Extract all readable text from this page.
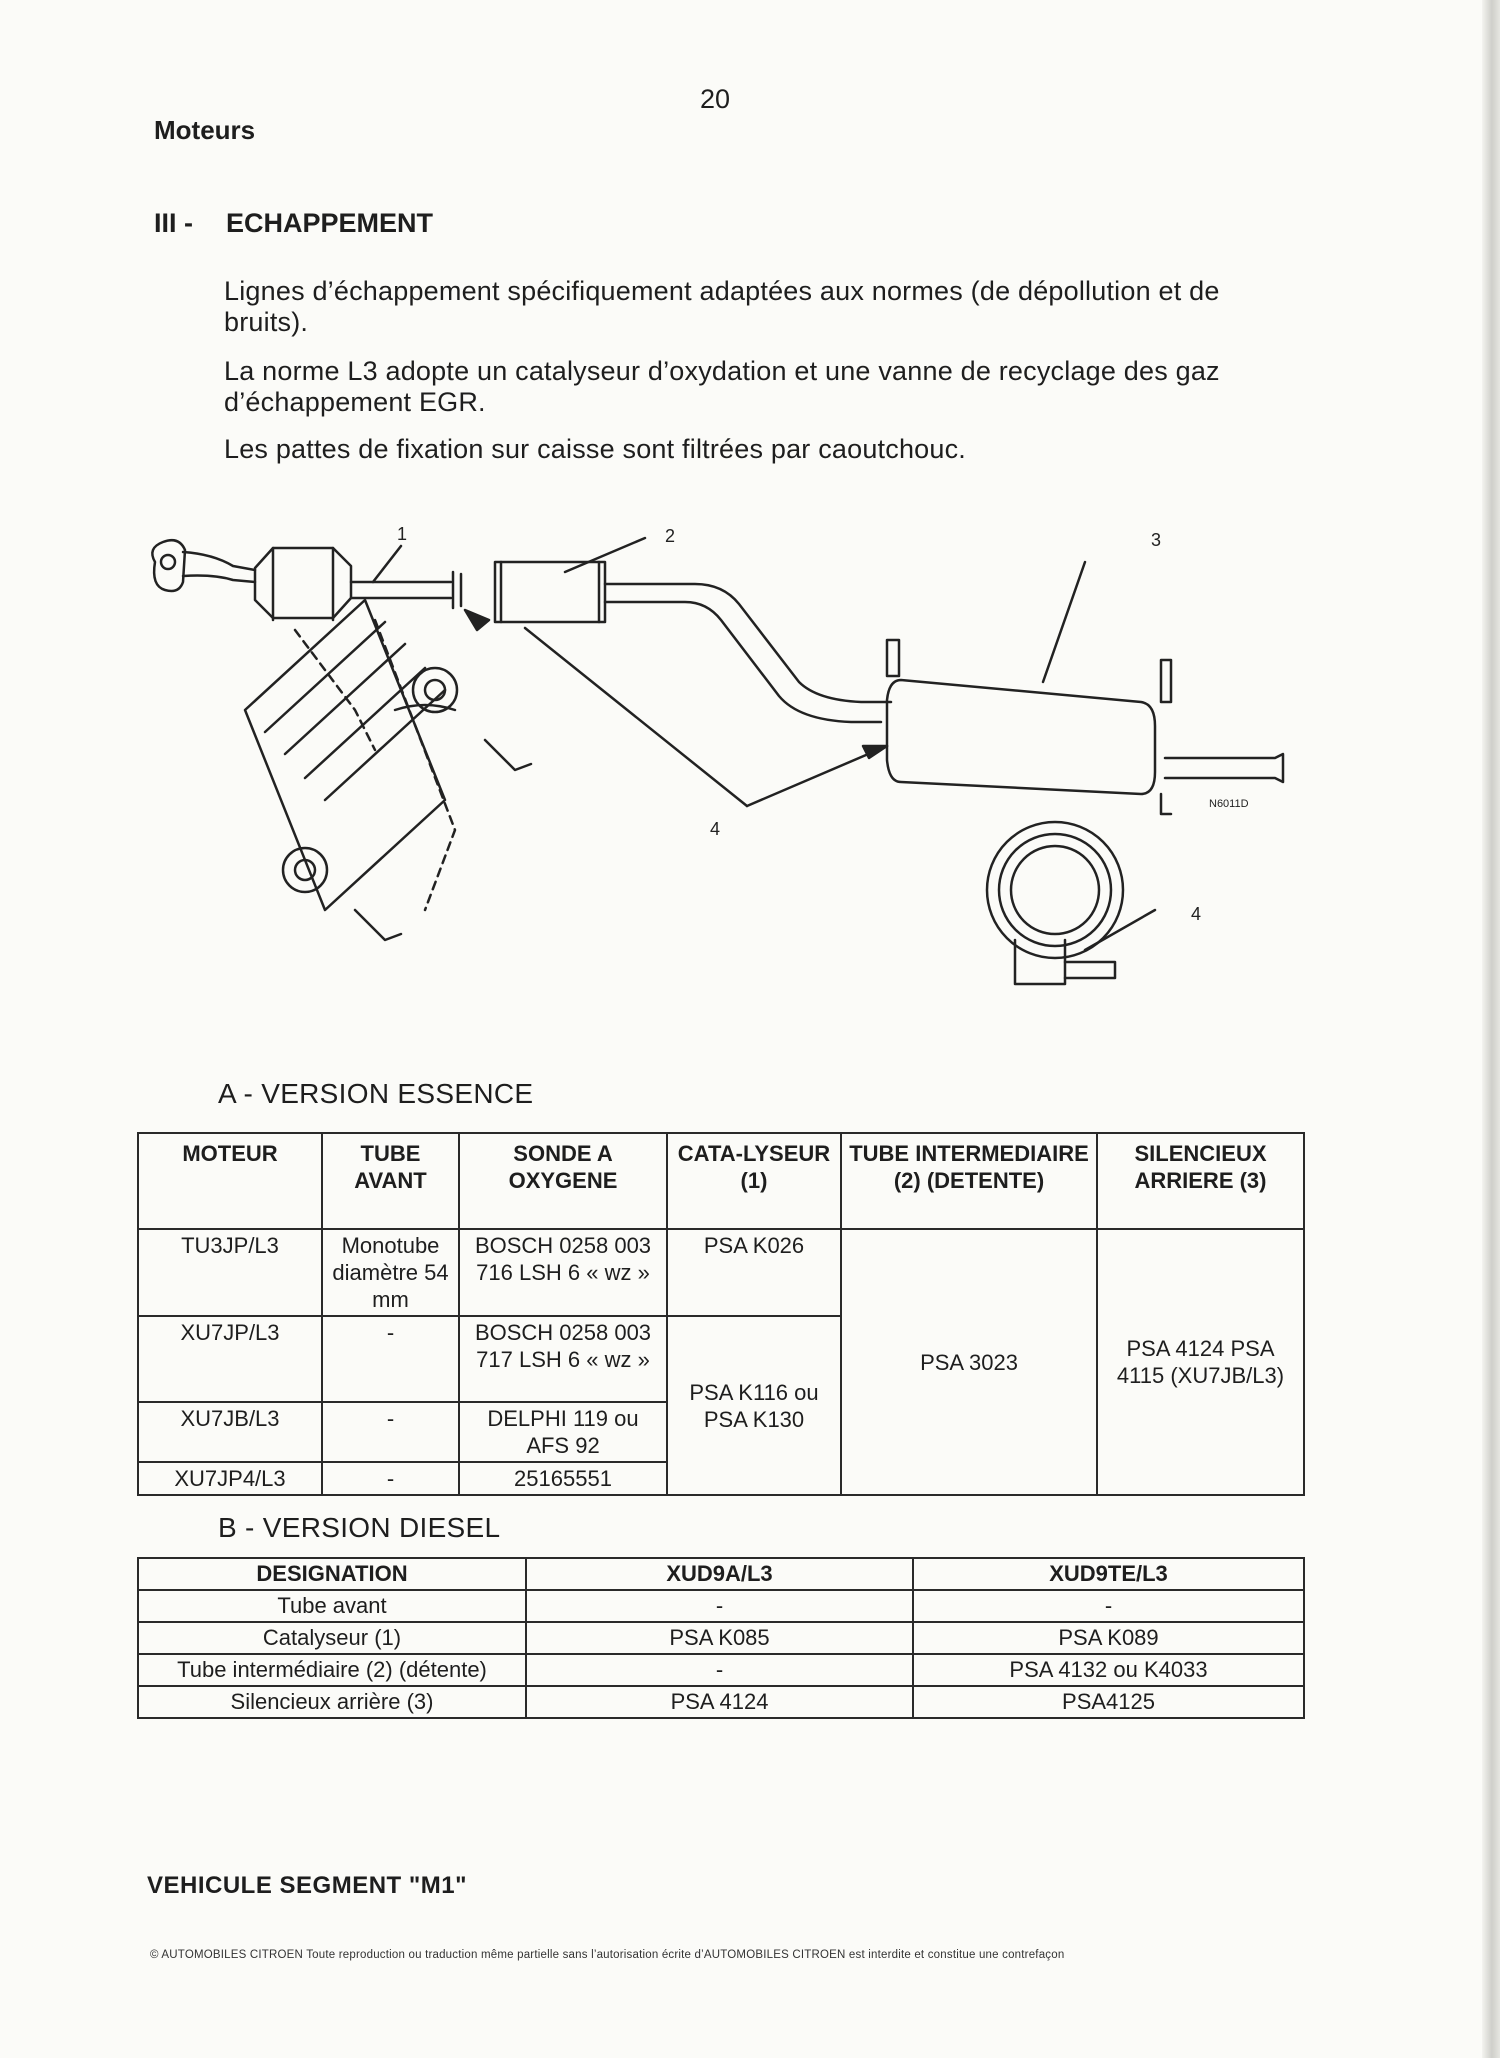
20
Moteurs
III - ECHAPPEMENT
Lignes d’échappement spécifiquement adaptées aux normes (de dépollution et de bruits).
La norme L3 adopte un catalyseur d’oxydation et une vanne de recyclage des gaz d’échappement EGR.
Les pattes de fixation sur caisse sont filtrées par caoutchouc.
1	2	3
4
4
N6011D
A - VERSION ESSENCE
MOTEUR	TUBE AVANT	SONDE A OXYGENE	CATA-LYSEUR (1)	TUBE INTERMEDIAIRE (2) (DETENTE)	SILENCIEUX ARRIERE (3)
TU3JP/L3	Monotube diamètre 54 mm	BOSCH 0258 003 716 LSH 6 « wz »	PSA K026	PSA 3023	PSA 4124 PSA 4115 (XU7JB/L3)
XU7JP/L3	-	BOSCH 0258 003 717 LSH 6 « wz »	PSA K116 ou PSA K130		
XU7JB/L3	-	DELPHI 119 ou AFS 92			
XU7JP4/L3	-	25165551			
B - VERSION DIESEL
DESIGNATION	XUD9A/L3	XUD9TE/L3
Tube avant	-	-
Catalyseur (1)	PSA K085	PSA K089
Tube intermédiaire (2) (détente)	-	PSA 4132 ou K4033
Silencieux arrière (3)	PSA 4124	PSA4125
VEHICULE SEGMENT "M1"
© AUTOMOBILES CITROEN Toute reproduction ou traduction même partielle sans l’autorisation écrite d’AUTOMOBILES CITROEN est interdite et constitue une contrefaçon
